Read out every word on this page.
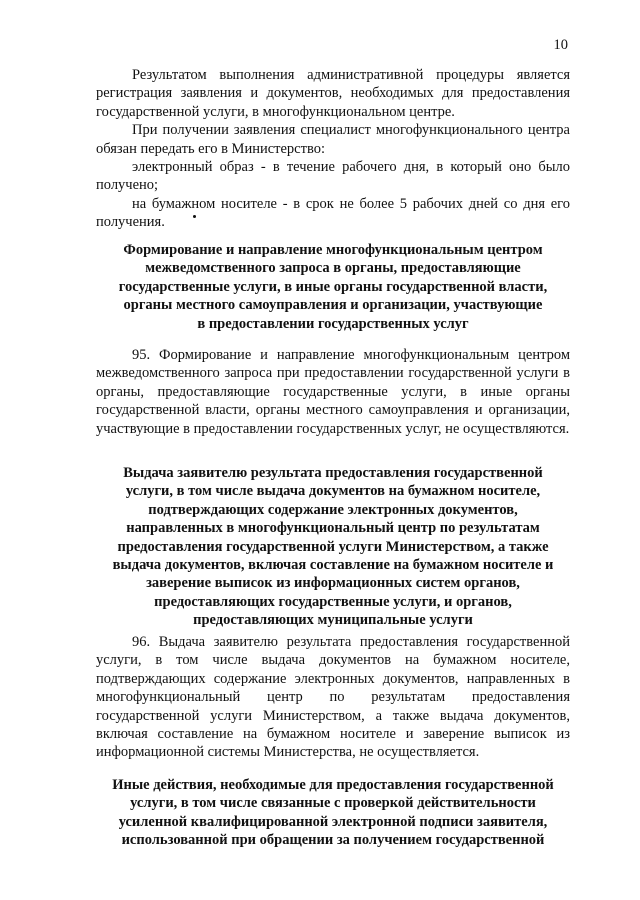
10

Результатом выполнения административной процедуры является регистрация заявления и документов, необходимых для предоставления государственной услуги, в многофункциональном центре.

При получении заявления специалист многофункционального центра обязан передать его в Министерство:

электронный образ - в течение рабочего дня, в который оно было получено;

на бумажном носителе - в срок не более 5 рабочих дней со дня его получения.

Формирование и направление многофункциональным центром
межведомственного запроса в органы, предоставляющие
государственные услуги, в иные органы государственной власти,
органы местного самоуправления и организации, участвующие
в предоставлении государственных услуг

95. Формирование и направление многофункциональным центром межведомственного запроса при предоставлении государственной услуги в органы, предоставляющие государственные услуги, в иные органы государственной власти, органы местного самоуправления и организации, участвующие в предоставлении государственных услуг, не осуществляются.

Выдача заявителю результата предоставления государственной
услуги, в том числе выдача документов на бумажном носителе,
подтверждающих содержание электронных документов,
направленных в многофункциональный центр по результатам
предоставления государственной услуги Министерством, а также
выдача документов, включая составление на бумажном носителе и
заверение выписок из информационных систем органов,
предоставляющих государственные услуги, и органов,
предоставляющих муниципальные услуги

96. Выдача заявителю результата предоставления государственной услуги, в том числе выдача документов на бумажном носителе, подтверждающих содержание электронных документов, направленных в многофункциональный центр по результатам предоставления государственной услуги Министерством, а также выдача документов, включая составление на бумажном носителе и заверение выписок из информационной системы Министерства, не осуществляется.

Иные действия, необходимые для предоставления государственной
услуги, в том числе связанные с проверкой действительности
усиленной квалифицированной электронной подписи заявителя,
использованной при обращении за получением государственной
